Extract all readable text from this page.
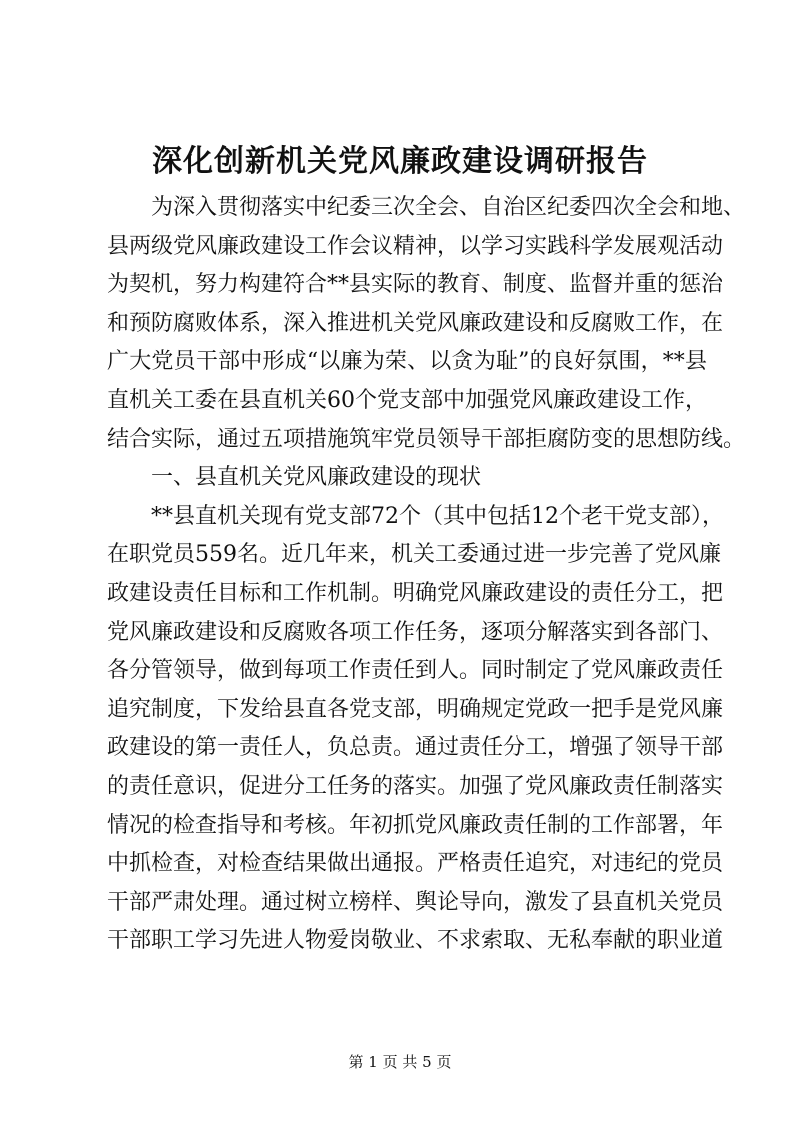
深化创新机关党风廉政建设调研报告
为深入贯彻落实中纪委三次全会、自治区纪委四次全会和地、
县两级党风廉政建设工作会议精神，以学习实践科学发展观活动
为契机，努力构建符合**县实际的教育、制度、监督并重的惩治
和预防腐败体系，深入推进机关党风廉政建设和反腐败工作，在
广大党员干部中形成“以廉为荣、以贪为耻”的良好氛围，**县
直机关工委在县直机关60个党支部中加强党风廉政建设工作，
结合实际，通过五项措施筑牢党员领导干部拒腐防变的思想防线。
一、县直机关党风廉政建设的现状
**县直机关现有党支部72个（其中包括12个老干党支部），
在职党员559名。近几年来，机关工委通过进一步完善了党风廉
政建设责任目标和工作机制。明确党风廉政建设的责任分工，把
党风廉政建设和反腐败各项工作任务，逐项分解落实到各部门、
各分管领导，做到每项工作责任到人。同时制定了党风廉政责任
追究制度，下发给县直各党支部，明确规定党政一把手是党风廉
政建设的第一责任人，负总责。通过责任分工，增强了领导干部
的责任意识，促进分工任务的落实。加强了党风廉政责任制落实
情况的检查指导和考核。年初抓党风廉政责任制的工作部署，年
中抓检查，对检查结果做出通报。严格责任追究，对违纪的党员
干部严肃处理。通过树立榜样、舆论导向，激发了县直机关党员
干部职工学习先进人物爱岗敬业、不求索取、无私奉献的职业道
第 1 页 共 5 页
